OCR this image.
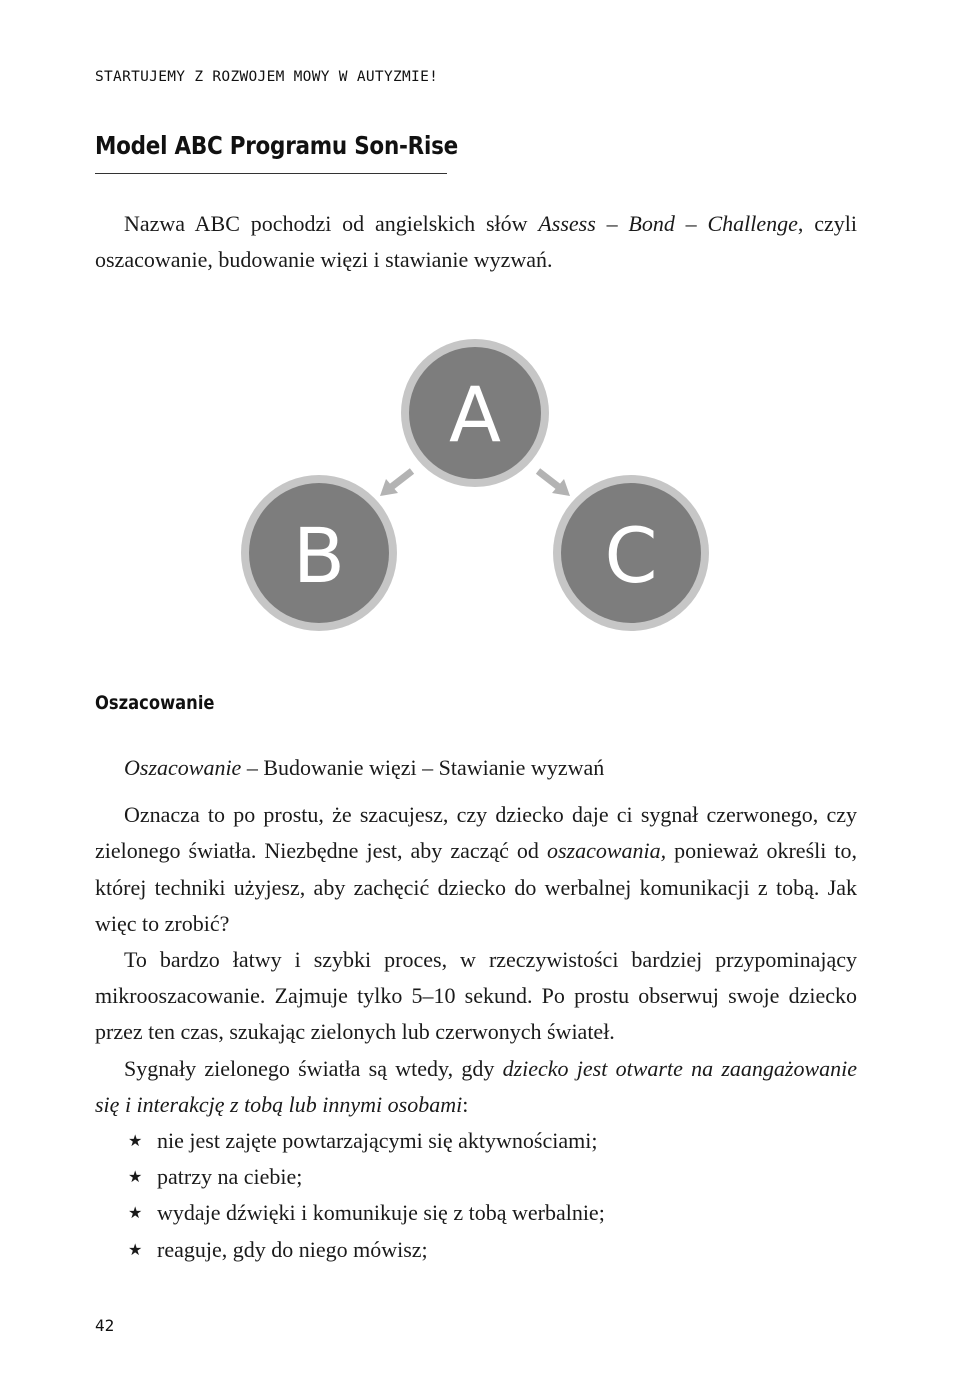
STARTUJEMY Z ROZWOJEM MOWY W AUTYZMIE!
Model ABC Programu Son-Rise

Nazwa ABC pochodzi od angielskich słów Assess – Bond – Challenge, czyli oszacowanie, budowanie więzi i stawianie wyzwań.

A
B	C
Oszacowanie

Oszacowanie – Budowanie więzi – Stawianie wyzwań

Oznacza to po prostu, że szacujesz, czy dziecko daje ci sygnał czerwonego, czy zielonego światła. Niezbędne jest, aby zacząć od oszacowania, ponieważ określi to, której techniki użyjesz, aby zachęcić dziecko do werbalnej komunikacji z tobą. Jak więc to zrobić?

To bardzo łatwy i szybki proces, w rzeczywistości bardziej przypominający mikrooszacowanie. Zajmuje tylko 5–10 sekund. Po prostu obserwuj swoje dziecko przez ten czas, szukając zielonych lub czerwonych świateł.

Sygnały zielonego światła są wtedy, gdy dziecko jest otwarte na zaangażowanie się i interakcję z tobą lub innymi osobami:

★ nie jest zajęte powtarzającymi się aktywnościami;
★ patrzy na ciebie;
★ wydaje dźwięki i komunikuje się z tobą werbalnie;
★ reaguje, gdy do niego mówisz;
42
